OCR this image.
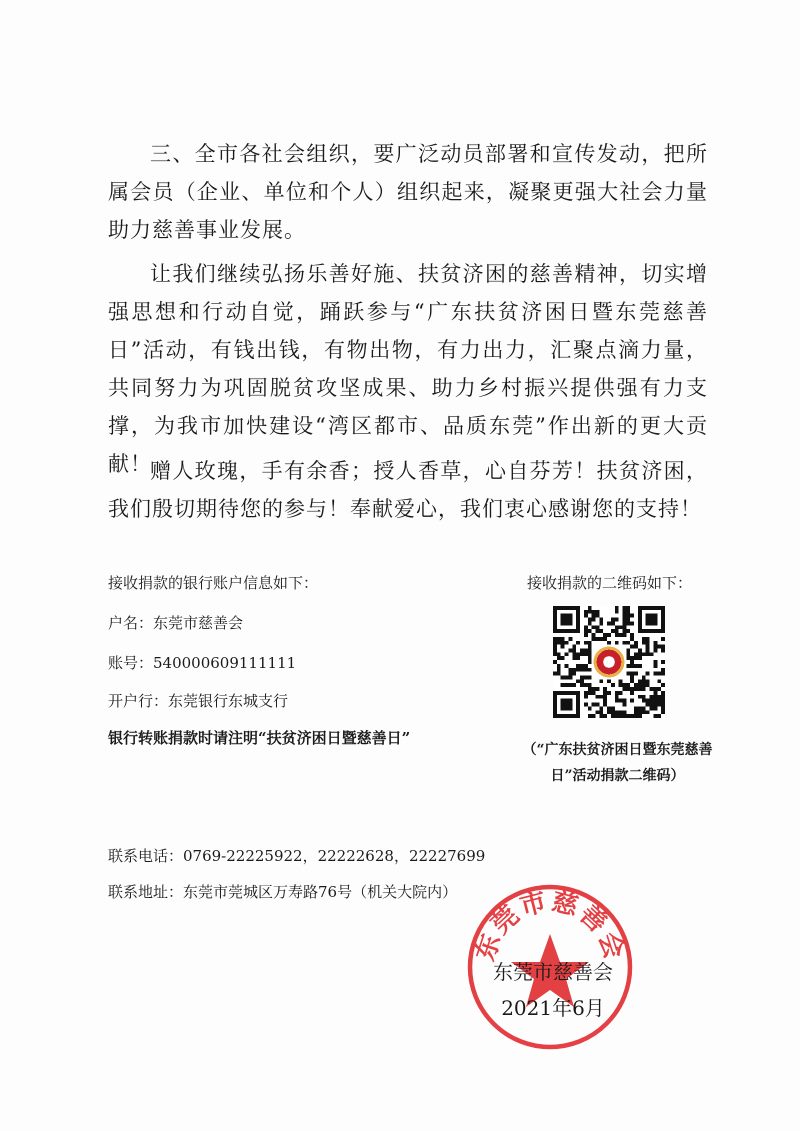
三、全市各社会组织，要广泛动员部署和宣传发动，把所属会员（企业、单位和个人）组织起来，凝聚更强大社会力量助力慈善事业发展。

让我们继续弘扬乐善好施、扶贫济困的慈善精神，切实增强思想和行动自觉，踊跃参与“广东扶贫济困日暨东莞慈善日”活动，有钱出钱，有物出物，有力出力，汇聚点滴力量，共同努力为巩固脱贫攻坚成果、助力乡村振兴提供强有力支撑，为我市加快建设“湾区都市、品质东莞”作出新的更大贡献！

赠人玫瑰，手有余香；授人香草，心自芬芳！扶贫济困，我们殷切期待您的参与！奉献爱心，我们衷心感谢您的支持！

接收捐款的银行账户信息如下：
户名：东莞市慈善会
账号：540000609111111
开户行：东莞银行东城支行
银行转账捐款时请注明“扶贫济困日暨慈善日”
接收捐款的二维码如下：
（“广东扶贫济困日暨东莞慈善日”活动捐款二维码）
联系电话：0769-22225922，22222628，22227699
联系地址：东莞市莞城区万寿路76号（机关大院内）
东莞市慈善会
东莞市慈善会
2021年6月
